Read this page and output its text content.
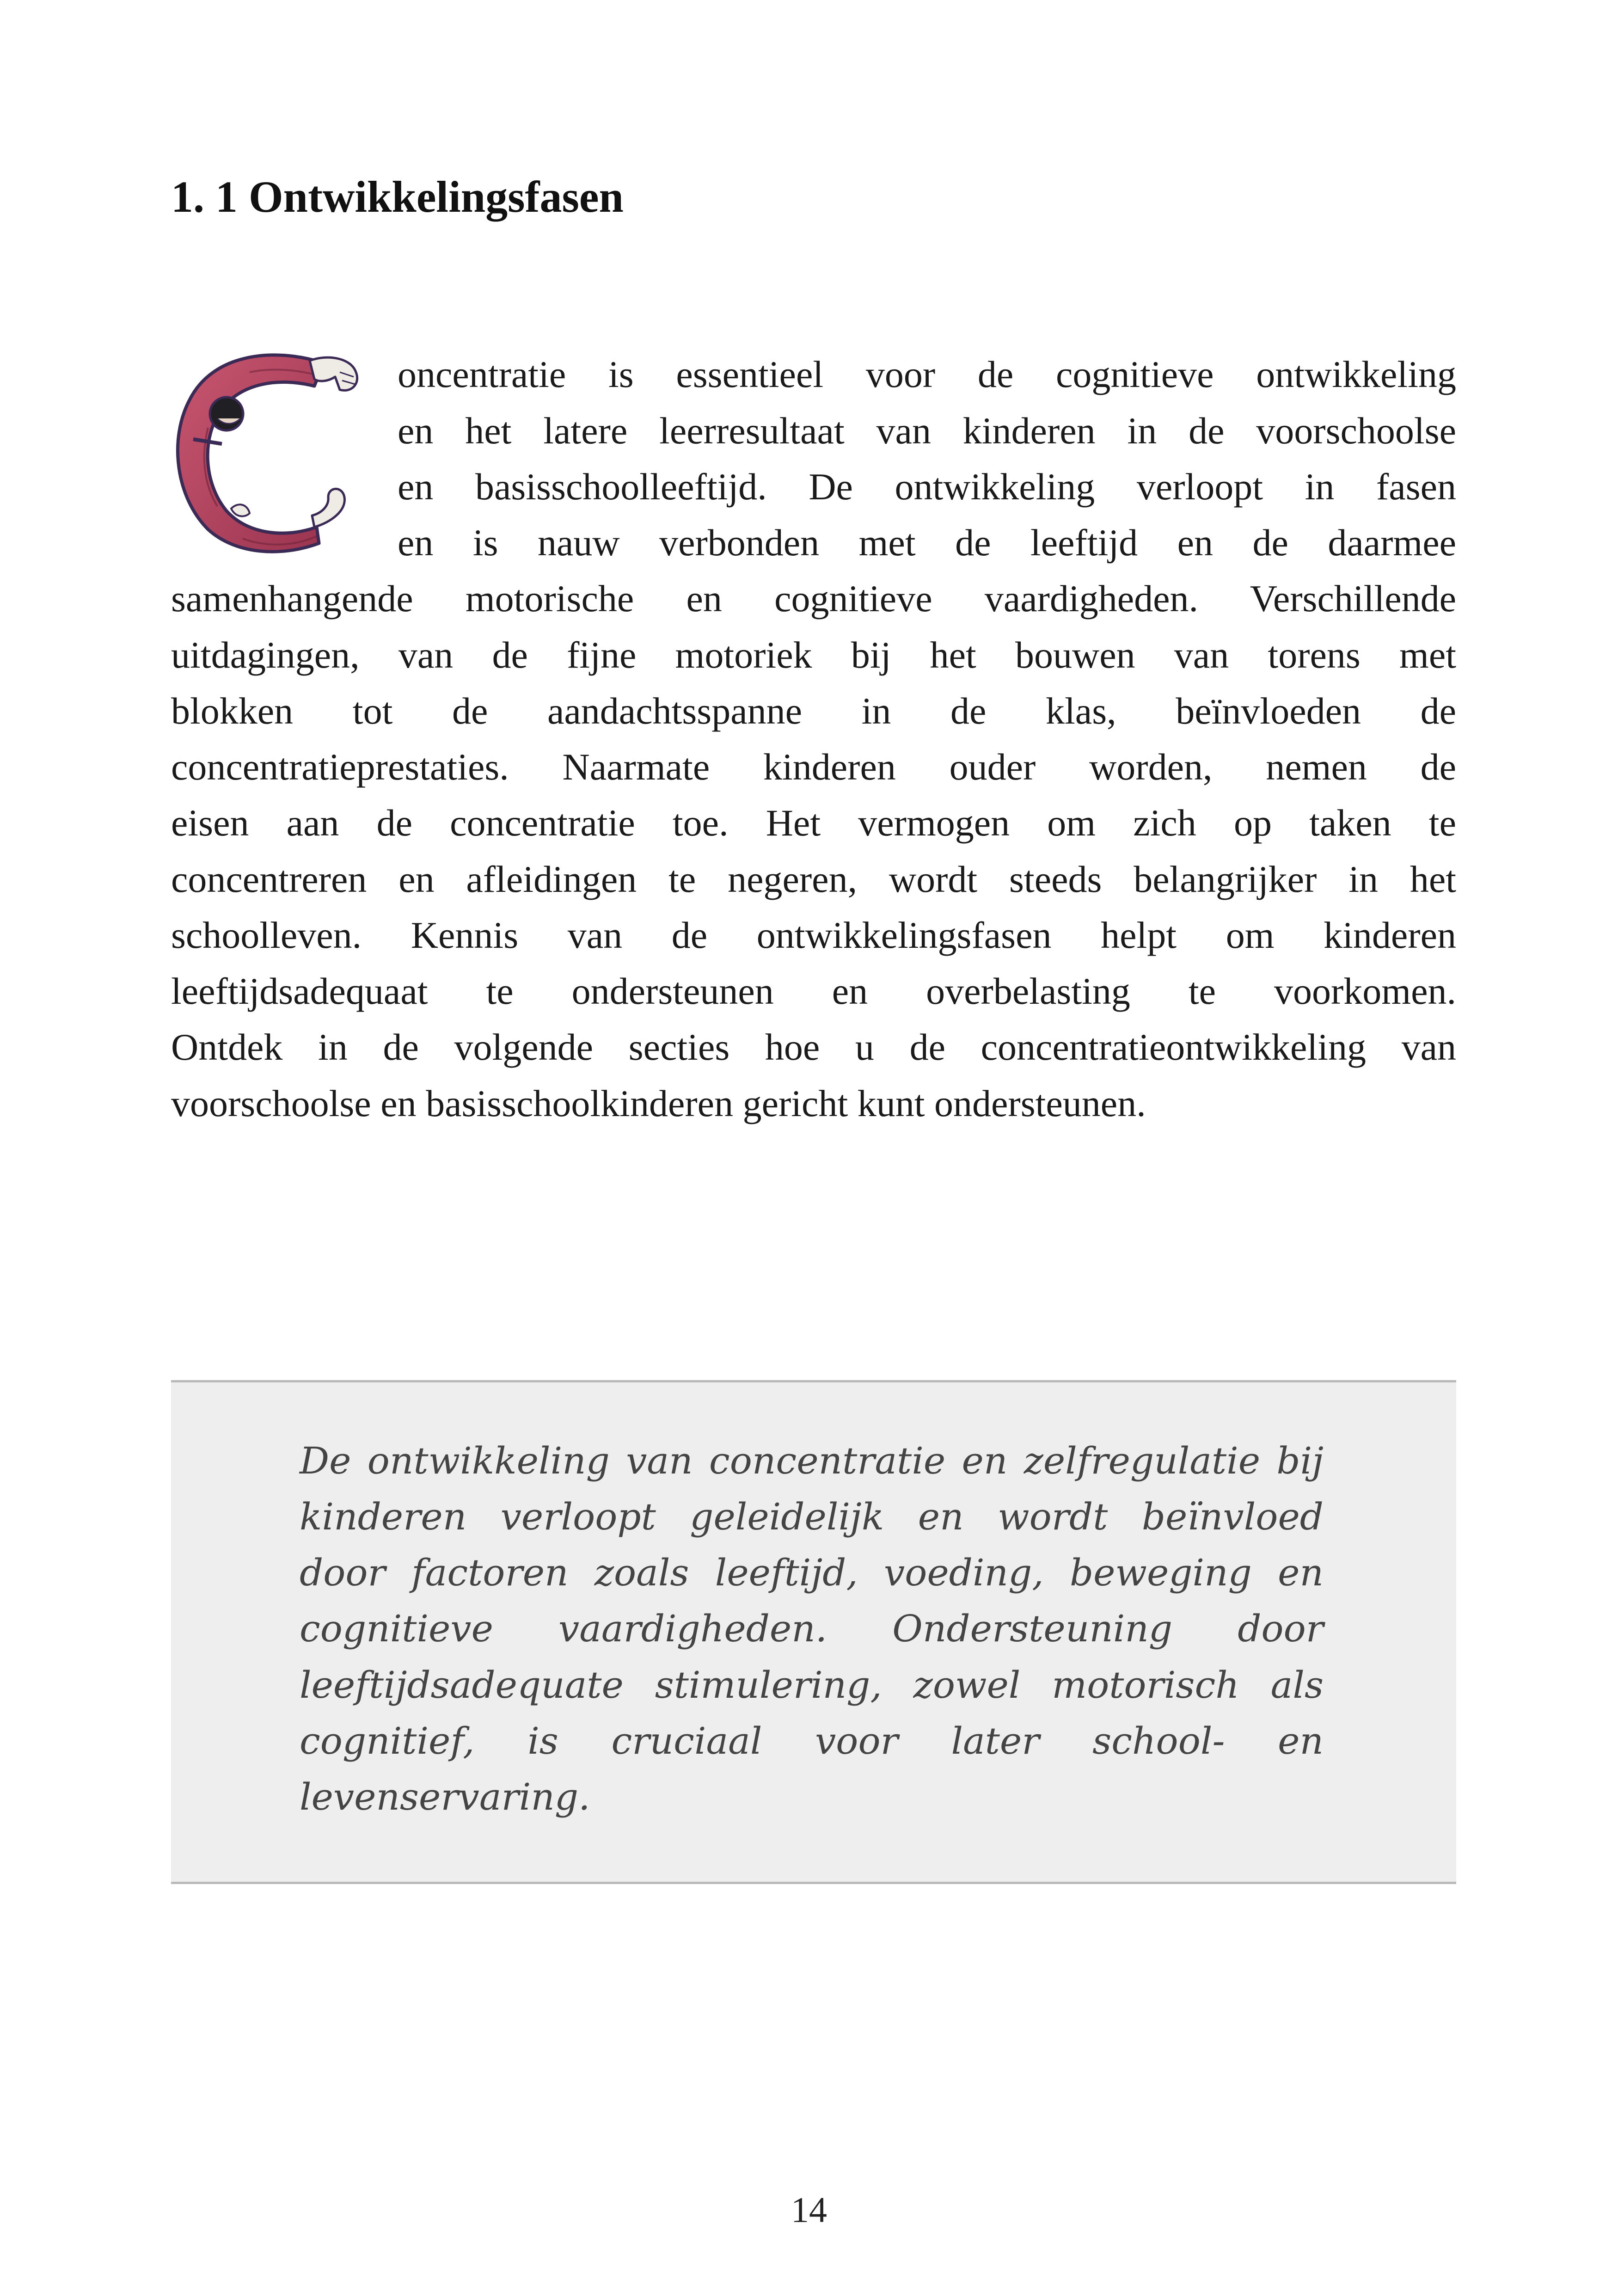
1. 1 Ontwikkelingsfasen
oncentratie is essentieel voor de cognitieve ontwikkeling
en het latere leerresultaat van kinderen in de voorschoolse
en basisschoolleeftijd. De ontwikkeling verloopt in fasen
en is nauw verbonden met de leeftijd en de daarmee
samenhangende motorische en cognitieve vaardigheden. Verschillende
uitdagingen, van de fijne motoriek bij het bouwen van torens met
blokken tot de aandachtsspanne in de klas, beïnvloeden de
concentratieprestaties. Naarmate kinderen ouder worden, nemen de
eisen aan de concentratie toe. Het vermogen om zich op taken te
concentreren en afleidingen te negeren, wordt steeds belangrijker in het
schoolleven. Kennis van de ontwikkelingsfasen helpt om kinderen
leeftijdsadequaat te ondersteunen en overbelasting te voorkomen.
Ontdek in de volgende secties hoe u de concentratieontwikkeling van
voorschoolse en basisschoolkinderen gericht kunt ondersteunen.
De ontwikkeling van concentratie en zelfregulatie bij
kinderen verloopt geleidelijk en wordt beïnvloed
door factoren zoals leeftijd, voeding, beweging en
cognitieve vaardigheden. Ondersteuning door
leeftijdsadequate stimulering, zowel motorisch als
cognitief, is cruciaal voor later school- en
levenservaring.
14
